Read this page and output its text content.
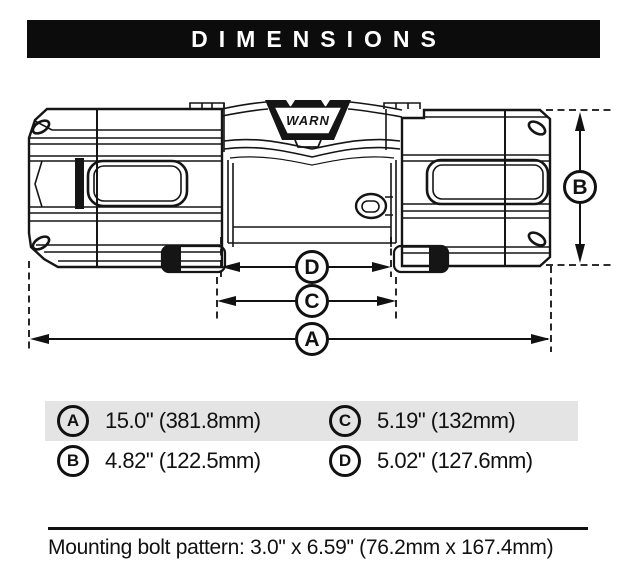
DIMENSIONS
WARN
A
B
D
C
A	15.0" (381.8mm)	C	5.19" (132mm)
B	4.82" (122.5mm)	D	5.02" (127.6mm)
Mounting bolt pattern: 3.0" x 6.59" (76.2mm x 167.4mm)
